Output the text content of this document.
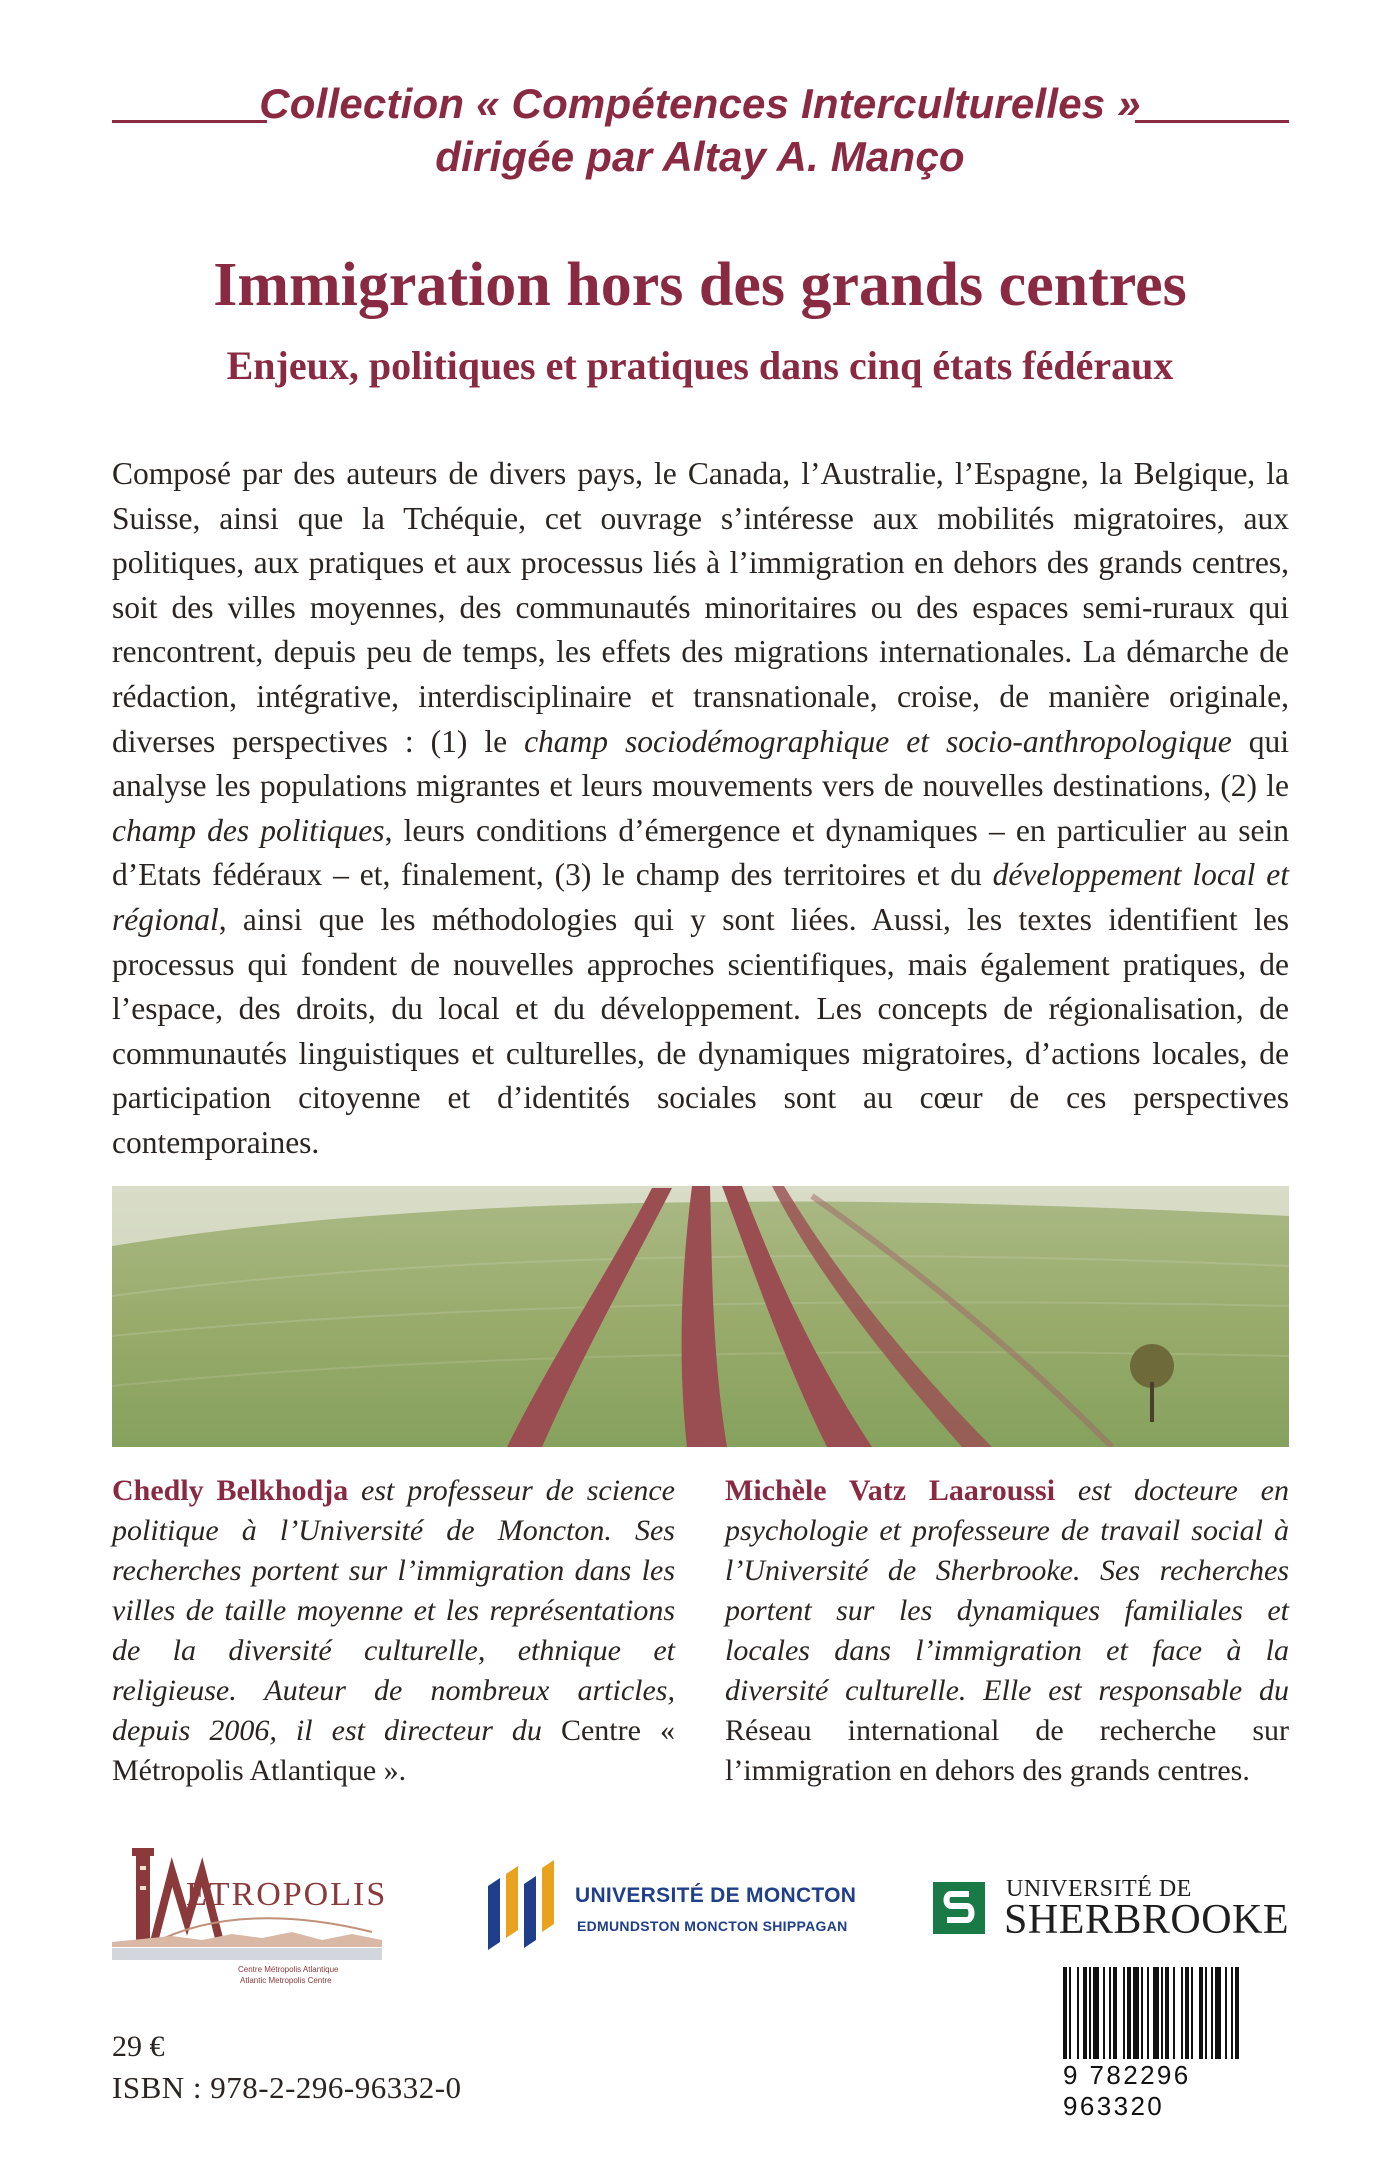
Collection « Compétences Interculturelles »
dirigée par Altay A. Manço
Immigration hors des grands centres
Enjeux, politiques et pratiques dans cinq états fédéraux
Composé par des auteurs de divers pays, le Canada, l’Australie, l’Espagne, la Belgique, la Suisse, ainsi que la Tchéquie, cet ouvrage s’intéresse aux mobilités migratoires, aux politiques, aux pratiques et aux processus liés à l’immigration en dehors des grands centres, soit des villes moyennes, des communautés minoritaires ou des espaces semi-ruraux qui rencontrent, depuis peu de temps, les effets des migrations internationales. La démarche de rédaction, intégrative, interdisciplinaire et transnationale, croise, de manière originale, diverses perspectives : (1) le champ sociodémographique et socio-anthropologique qui analyse les populations migrantes et leurs mouvements vers de nouvelles destinations, (2) le champ des politiques, leurs conditions d’émergence et dynamiques – en particulier au sein d’Etats fédéraux – et, finalement, (3) le champ des territoires et du développement local et régional, ainsi que les méthodologies qui y sont liées. Aussi, les textes identifient les processus qui fondent de nouvelles approches scientifiques, mais également pratiques, de l’espace, des droits, du local et du développement. Les concepts de régionalisation, de communautés linguistiques et culturelles, de dynamiques migratoires, d’actions locales, de participation citoyenne et d’identités sociales sont au cœur de ces perspectives contemporaines.
Chedly Belkhodja est professeur de science politique à l’Université de Moncton. Ses recherches portent sur l’immigration dans les villes de taille moyenne et les représentations de la diversité culturelle, ethnique et religieuse. Auteur de nombreux articles, depuis 2006, il est directeur du Centre « Métropolis Atlantique ».
Michèle Vatz Laaroussi est docteure en psychologie et professeure de travail social à l’Université de Sherbrooke. Ses recherches portent sur les dynamiques familiales et locales dans l’immigration et face à la diversité culturelle. Elle est responsable du Réseau international de recherche sur l’immigration en dehors des grands centres.
ETROPOLIS
Centre Métropolis Atlantique
Atlantic Metropolis Centre
UNIVERSITÉ DE MONCTON
EDMUNDSTON MONCTON SHIPPAGAN
UNIVERSITÉ DE
SHERBROOKE
29 €
ISBN : 978-2-296-96332-0	9 782296 963320
